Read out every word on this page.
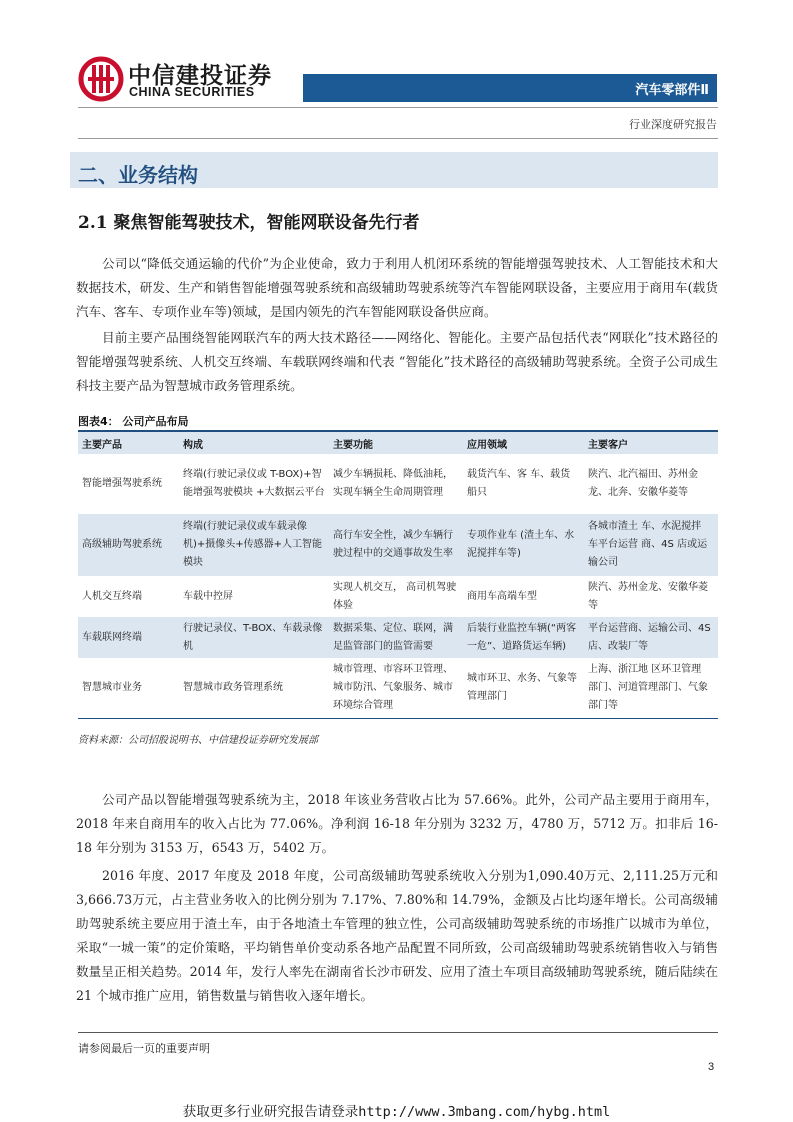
中信建投证券
CHINA SECURITIES	汽车零部件Ⅱ
行业深度研究报告
二、业务结构
2.1 聚焦智能驾驶技术，智能网联设备先行者

公司以“降低交通运输的代价”为企业使命，致力于利用人机闭环系统的智能增强驾驶技术、人工智能技术和大数据技术，研发、生产和销售智能增强驾驶系统和高级辅助驾驶系统等汽车智能网联设备，主要应用于商用车(载货汽车、客车、专项作业车等)领域，是国内领先的汽车智能网联设备供应商。

目前主要产品围绕智能网联汽车的两大技术路径——网络化、智能化。主要产品包括代表“网联化”技术路径的智能增强驾驶系统、人机交互终端、车载联网终端和代表 “智能化”技术路径的高级辅助驾驶系统。全资子公司成生科技主要产品为智慧城市政务管理系统。

图表4： 公司产品布局
主要产品	构成	主要功能	应用领域	主要客户
智能增强驾驶系统	终端(行驶记录仪或 T-BOX)+智能增强驾驶模块 +大数据云平台	减少车辆损耗、降低油耗，实现车辆全生命周期管理	载货汽车、客 车、载货船只	陕汽、北汽福田、苏州金龙、北奔、安徽华菱等
高级辅助驾驶系统	终端(行驶记录仪或车载录像机)+摄像头+传感器+人工智能模块	高行车安全性，减少车辆行驶过程中的交通事故发生率	专项作业车 (渣土车、水泥搅拌车等)	各城市渣土 车、水泥搅拌 车平台运营 商、4S 店或运输公司
人机交互终端	车载中控屏	实现人机交互， 高司机驾驶体验	商用车高端车型	陕汽、苏州金龙、安徽华菱等
车载联网终端	行驶记录仪、T-BOX、车载录像机	数据采集、定位、联网，满足监管部门的监管需要	后装行业监控车辆(“两客一危”、道路货运车辆)	平台运营商、运输公司、4S 店、改装厂等
智慧城市业务	智慧城市政务管理系统	城市管理、市容环卫管理、城市防汛、气象服务、城市环境综合管理	城市环卫、水务、气象等管理部门	上海、浙江地 区环卫管理 部门、河道管理部门、气象部门等
资料来源：公司招股说明书、中信建投证券研究发展部

公司产品以智能增强驾驶系统为主，2018 年该业务营收占比为 57.66%。此外，公司产品主要用于商用车，2018 年来自商用车的收入占比为 77.06%。净利润 16-18 年分别为 3232 万，4780 万，5712 万。扣非后 16-18 年分别为 3153 万，6543 万，5402 万。

2016 年度、2017 年度及 2018 年度，公司高级辅助驾驶系统收入分别为1,090.40万元、2,111.25万元和3,666.73万元，占主营业务收入的比例分别为 7.17%、7.80%和 14.79%，金额及占比均逐年增长。公司高级辅助驾驶系统主要应用于渣土车，由于各地渣土车管理的独立性，公司高级辅助驾驶系统的市场推广以城市为单位，采取“一城一策”的定价策略，平均销售单价变动系各地产品配置不同所致，公司高级辅助驾驶系统销售收入与销售数量呈正相关趋势。2014 年，发行人率先在湖南省长沙市研发、应用了渣土车项目高级辅助驾驶系统，随后陆续在 21 个城市推广应用，销售数量与销售收入逐年增长。

请参阅最后一页的重要声明
3
获取更多行业研究报告请登录http://www.3mbang.com/hybg.html
